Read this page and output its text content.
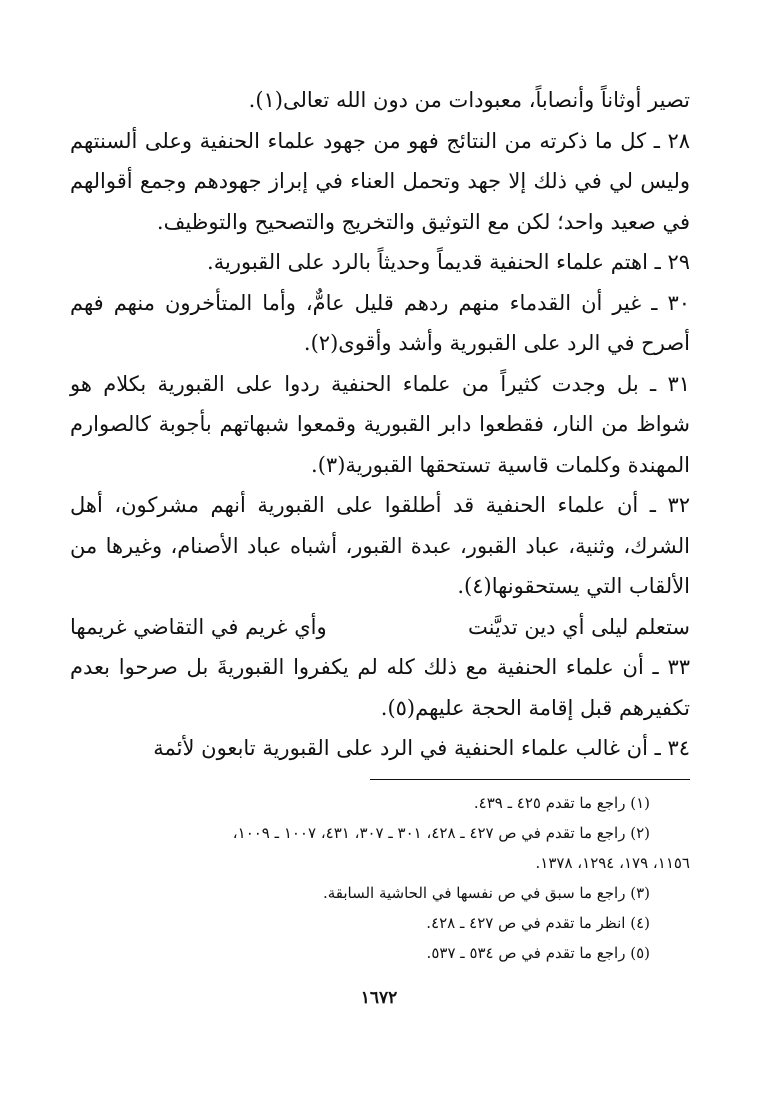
تصير أوثاناً وأنصاباً، معبودات من دون الله تعالى(١).

٢٨ ـ كل ما ذكرته من النتائج فهو من جهود علماء الحنفية وعلى ألسنتهم وليس لي في ذلك إلا جهد وتحمل العناء في إبراز جهودهم وجمع أقوالهم في صعيد واحد؛ لكن مع التوثيق والتخريج والتصحيح والتوظيف.

٢٩ ـ اهتم علماء الحنفية قديماً وحديثاً بالرد على القبورية.

٣٠ ـ غير أن القدماء منهم ردهم قليل عامٌّ، وأما المتأخرون منهم فهم أصرح في الرد على القبورية وأشد وأقوى(٢).

٣١ ـ بل وجدت كثيراً من علماء الحنفية ردوا على القبورية بكلام هو شواظ من النار، فقطعوا دابر القبورية وقمعوا شبهاتهم بأجوبة كالصوارم المهندة وكلمات قاسية تستحقها القبورية(٣).

٣٢ ـ أن علماء الحنفية قد أطلقوا على القبورية أنهم مشركون، أهل الشرك، وثنية، عباد القبور، عبدة القبور، أشباه عباد الأصنام، وغيرها من الألقاب التي يستحقونها(٤).

ستعلم ليلى أي دين تديَّنت
وأي غريم في التقاضي غريمها

٣٣ ـ أن علماء الحنفية مع ذلك كله لم يكفروا القبوريةَ بل صرحوا بعدم تكفيرهم قبل إقامة الحجة عليهم(٥).

٣٤ ـ أن غالب علماء الحنفية في الرد على القبورية تابعون لأئمة

(١) راجع ما تقدم ٤٢٥ ـ ٤٣٩.

(٢) راجع ما تقدم في ص ٤٢٧ ـ ٤٢٨، ٣٠١ ـ ٣٠٧، ٤٣١، ١٠٠٧ ـ ١٠٠٩،

١١٥٦، ١٧٩، ١٢٩٤، ١٣٧٨.

(٣) راجع ما سبق في ص نفسها في الحاشية السابقة.

(٤) انظر ما تقدم في ص ٤٢٧ ـ ٤٢٨.

(٥) راجع ما تقدم في ص ٥٣٤ ـ ٥٣٧.

١٦٧٢
